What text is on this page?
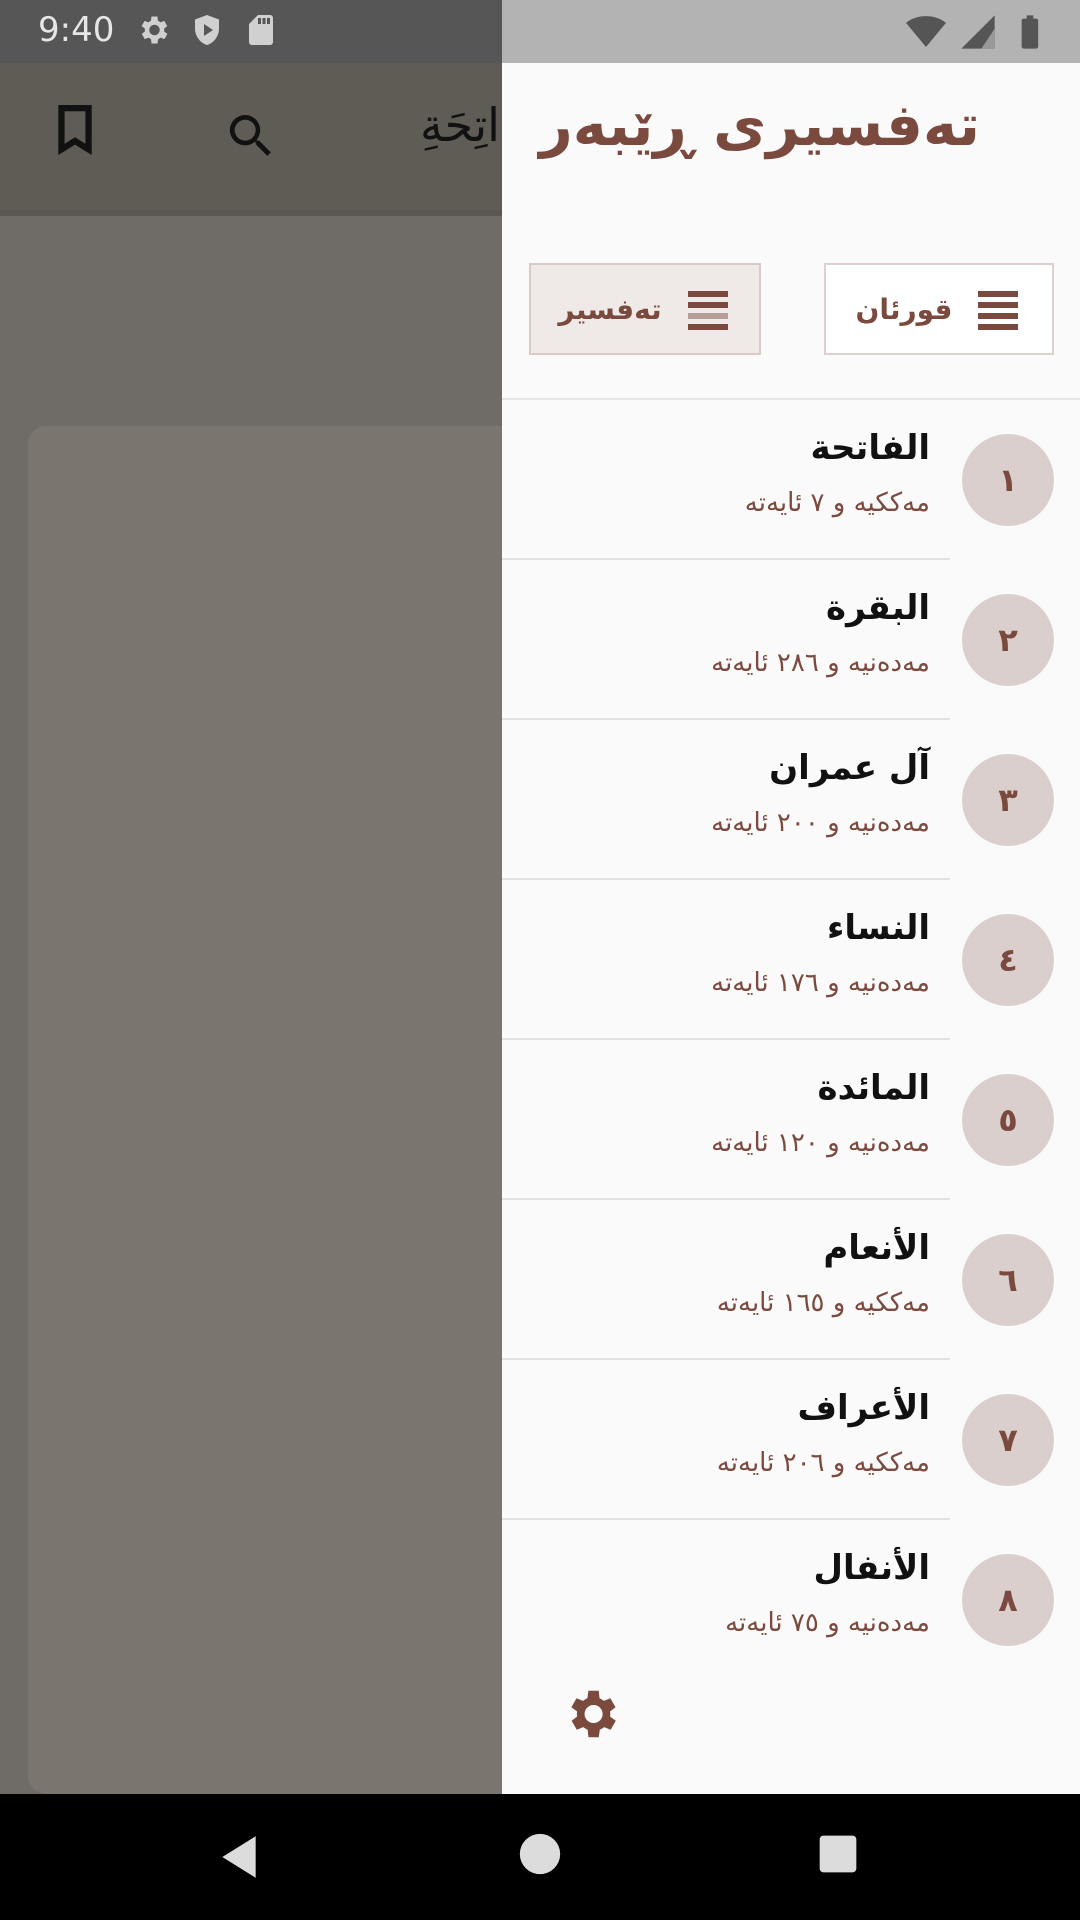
9:40
اتِحَةِ تەفسیری ڕێبەر
قورئان
تەفسیر
١
الفاتحة
مەككیە و ٧ ئایەتە
٢
البقرة
مەدەنیە و ٢٨٦ ئایەتە
٣
آل عمران
مەدەنیە و ٢٠٠ ئایەتە
٤
النساء
مەدەنیە و ١٧٦ ئایەتە
٥
المائدة
مەدەنیە و ١٢٠ ئایەتە
٦
الأنعام
مەككیە و ١٦٥ ئایەتە
٧
الأعراف
مەككیە و ٢٠٦ ئایەتە
٨
الأنفال
مەدەنیە و ٧٥ ئایەتە
